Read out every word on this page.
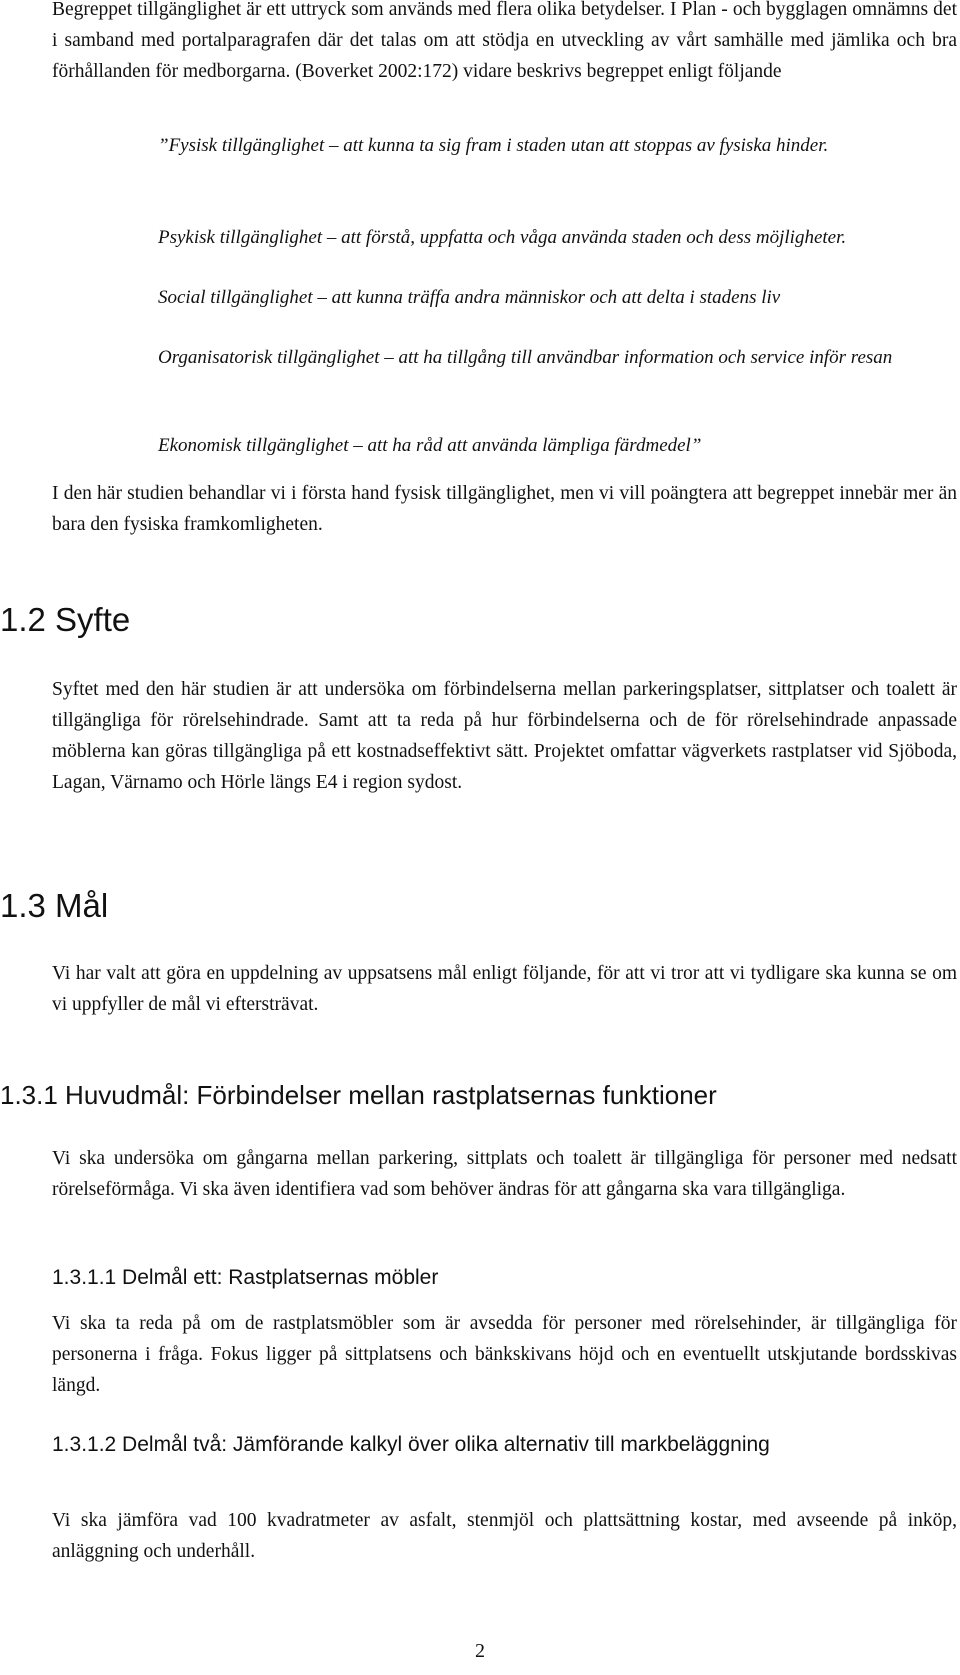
Begreppet tillgänglighet är ett uttryck som används med flera olika betydelser. I Plan - och bygglagen omnämns det i samband med portalparagrafen där det talas om att stödja en utveckling av vårt samhälle med jämlika och bra förhållanden för medborgarna. (Boverket 2002:172) vidare beskrivs begreppet enligt följande

”Fysisk tillgänglighet – att kunna ta sig fram i staden utan att stoppas av fysiska hinder.

Psykisk tillgänglighet – att förstå, uppfatta och våga använda staden och dess möjligheter.

Social tillgänglighet – att kunna träffa andra människor och att delta i stadens liv

Organisatorisk tillgänglighet – att ha tillgång till användbar information och service inför resan

Ekonomisk tillgänglighet – att ha råd att använda lämpliga färdmedel”

I den här studien behandlar vi i första hand fysisk tillgänglighet, men vi vill poängtera att begreppet innebär mer än bara den fysiska framkomligheten.

1.2 Syfte

Syftet med den här studien är att undersöka om förbindelserna mellan parkeringsplatser, sittplatser och toalett är tillgängliga för rörelsehindrade. Samt att ta reda på hur förbindelserna och de för rörelsehindrade anpassade möblerna kan göras tillgängliga på ett kostnadseffektivt sätt. Projektet omfattar vägverkets rastplatser vid Sjöboda, Lagan, Värnamo och Hörle längs E4 i region sydost.

1.3 Mål

Vi har valt att göra en uppdelning av uppsatsens mål enligt följande, för att vi tror att vi tydligare ska kunna se om vi uppfyller de mål vi eftersträvat.

1.3.1 Huvudmål: Förbindelser mellan rastplatsernas funktioner

Vi ska undersöka om gångarna mellan parkering, sittplats och toalett är tillgängliga för personer med nedsatt rörelseförmåga. Vi ska även identifiera vad som behöver ändras för att gångarna ska vara tillgängliga.

1.3.1.1 Delmål ett: Rastplatsernas möbler

Vi ska ta reda på om de rastplatsmöbler som är avsedda för personer med rörelsehinder, är tillgängliga för personerna i fråga. Fokus ligger på sittplatsens och bänkskivans höjd och en eventuellt utskjutande bordsskivas längd.

1.3.1.2 Delmål två: Jämförande kalkyl över olika alternativ till markbeläggning

Vi ska jämföra vad 100 kvadratmeter av asfalt, stenmjöl och plattsättning kostar, med avseende på inköp, anläggning och underhåll.

2
